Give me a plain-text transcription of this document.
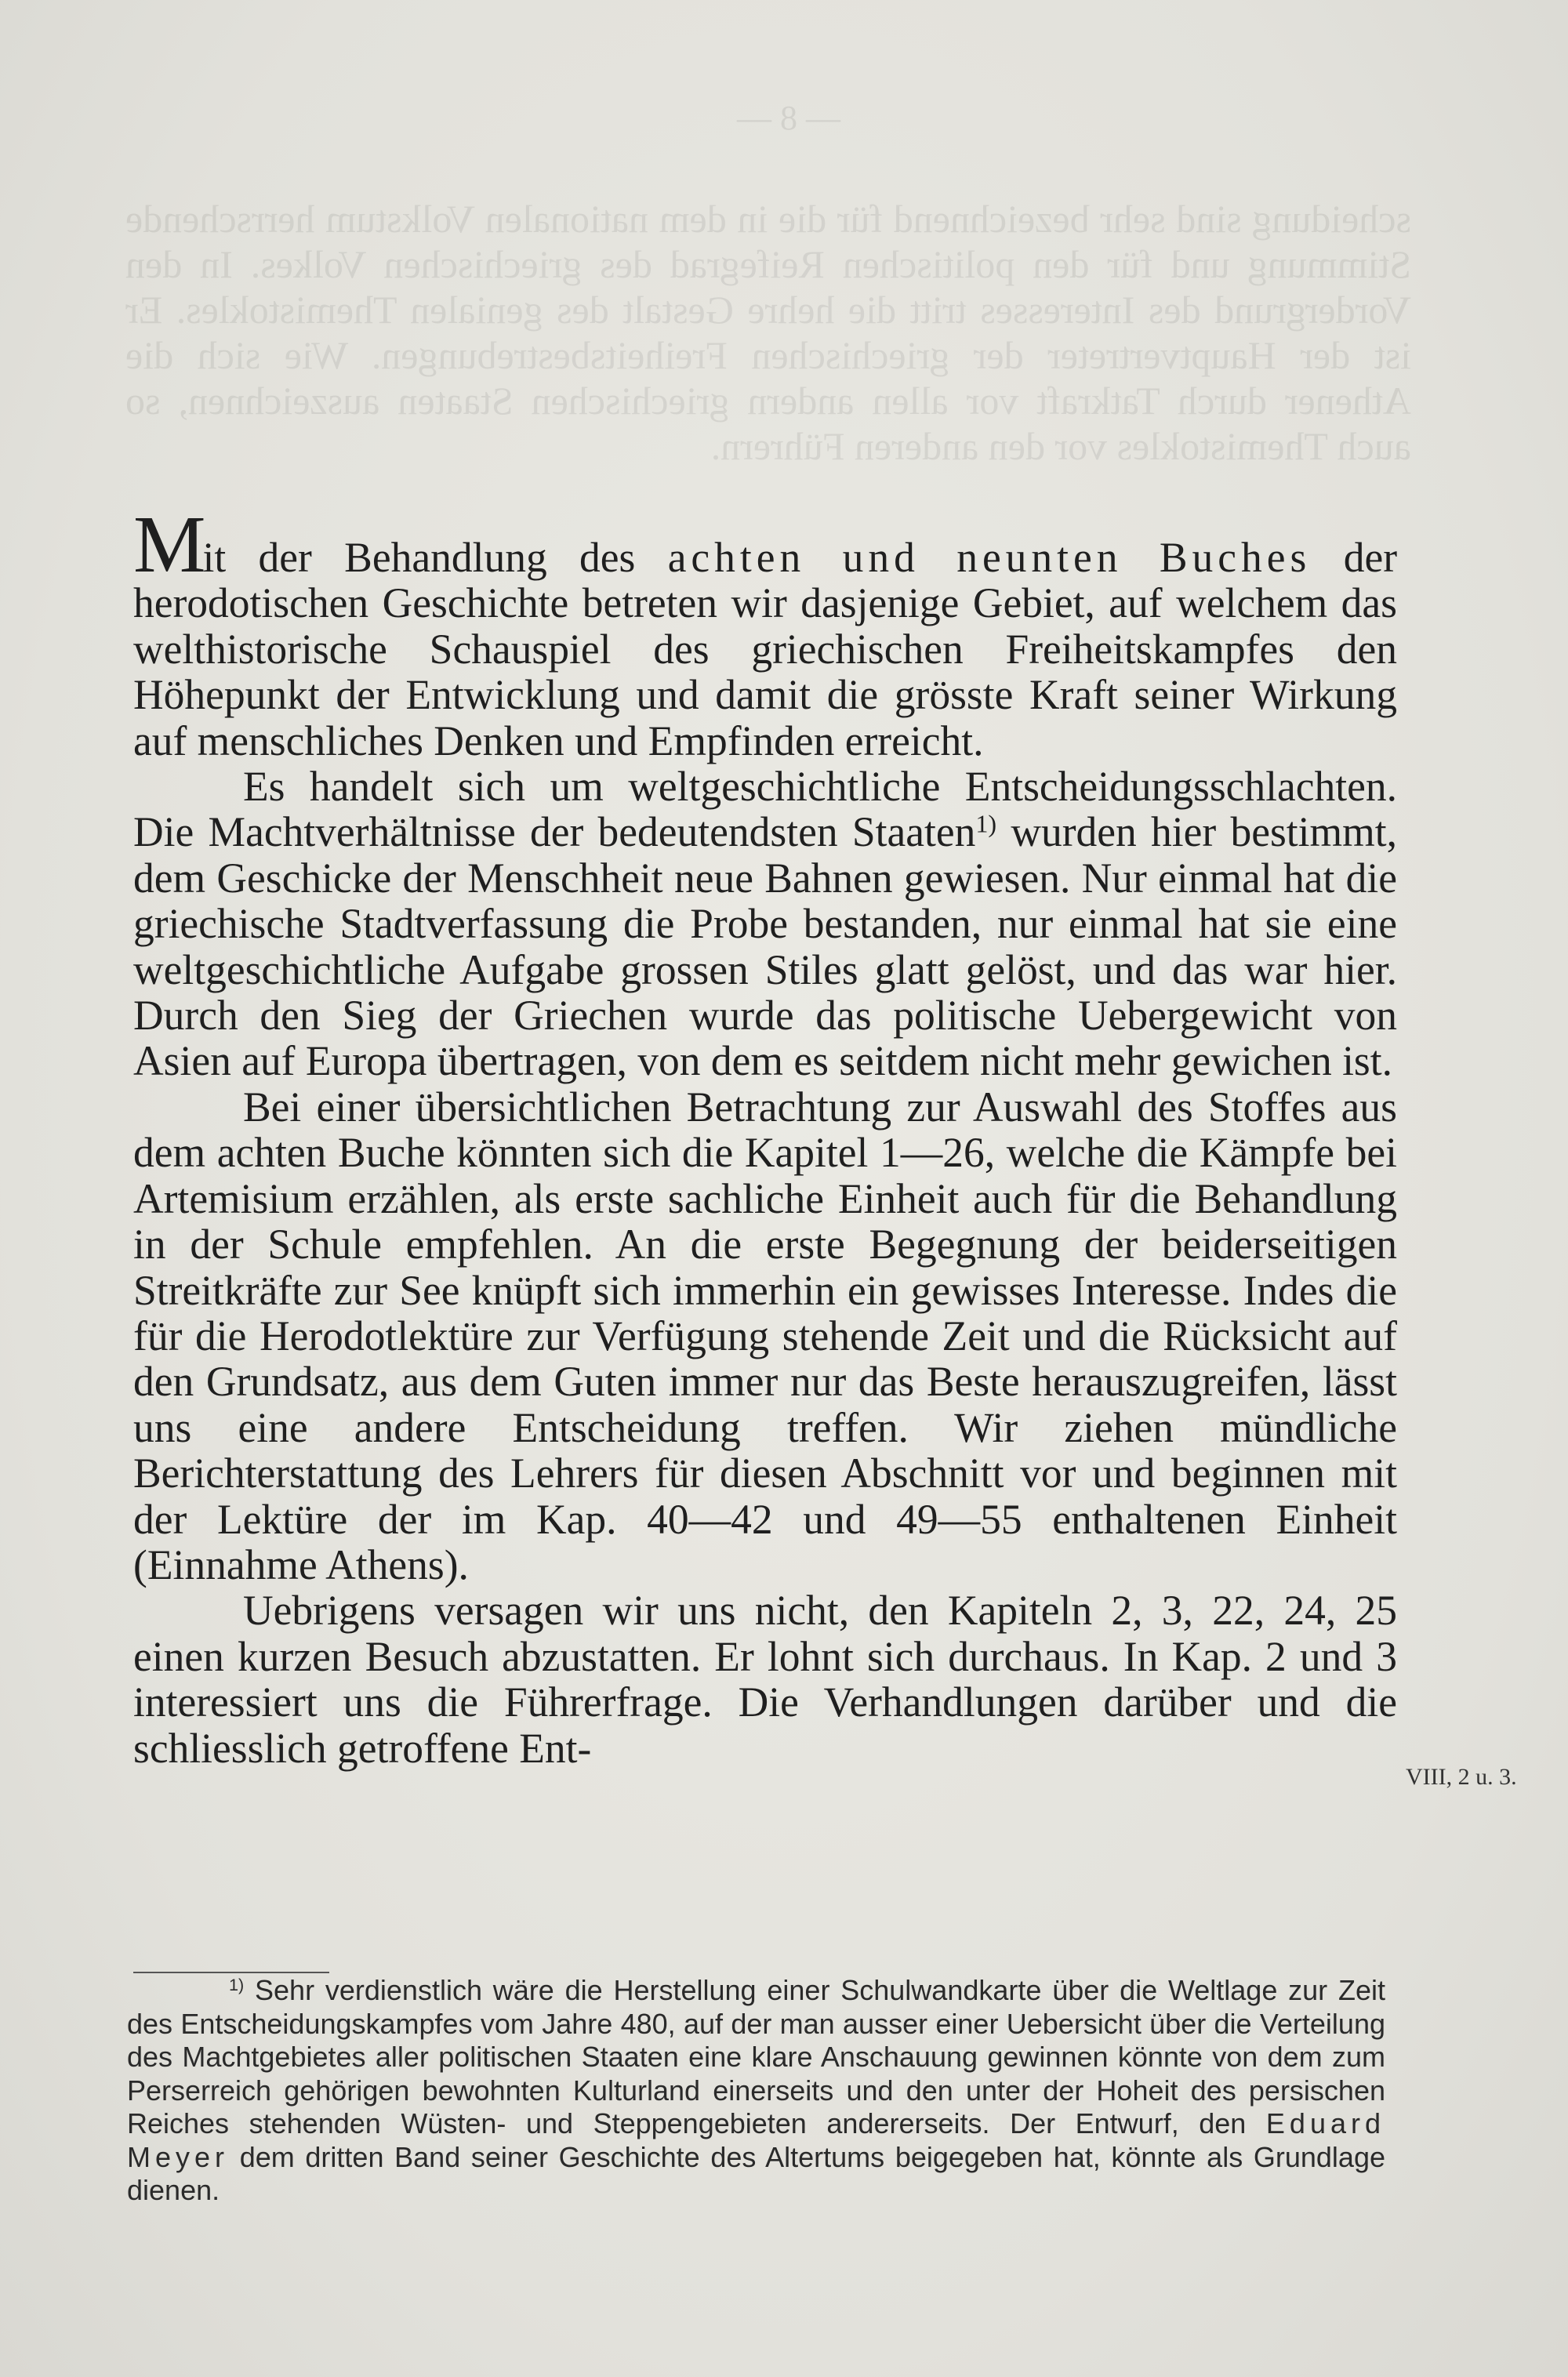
— 8 —
scheidung sind sehr bezeichnend für die in dem nationalen Volkstum herrschende Stimmung und für den politischen Reifegrad des griechischen Volkes. In den Vordergrund des Interesses tritt die hehre Gestalt des genialen Themistokles. Er ist der Hauptvertreter der griechischen Freiheitsbestrebungen. Wie sich die Athener durch Tatkraft vor allen andern griechischen Staaten auszeichnen, so auch Themistokles vor den anderen Führern.

Mit der Behandlung des achten und neunten Buches der herodotischen Geschichte betreten wir dasjenige Gebiet, auf welchem das welthistorische Schauspiel des griechischen Freiheitskampfes den Höhepunkt der Entwicklung und damit die grösste Kraft seiner Wirkung auf menschliches Denken und Empfinden erreicht.

Es handelt sich um weltgeschichtliche Entscheidungsschlachten. Die Machtverhältnisse der bedeutendsten Staaten$^{1)}$ wurden hier bestimmt, dem Geschicke der Menschheit neue Bahnen gewiesen. Nur einmal hat die griechische Stadtverfassung die Probe bestanden, nur einmal hat sie eine weltgeschichtliche Aufgabe grossen Stiles glatt gelöst, und das war hier. Durch den Sieg der Griechen wurde das politische Uebergewicht von Asien auf Europa übertragen, von dem es seitdem nicht mehr gewichen ist.

Bei einer übersichtlichen Betrachtung zur Auswahl des Stoffes aus dem achten Buche könnten sich die Kapitel 1—26, welche die Kämpfe bei Artemisium erzählen, als erste sachliche Einheit auch für die Behandlung in der Schule empfehlen. An die erste Begegnung der beiderseitigen Streitkräfte zur See knüpft sich immerhin ein gewisses Interesse. Indes die für die Herodotlektüre zur Verfügung stehende Zeit und die Rücksicht auf den Grundsatz, aus dem Guten immer nur das Beste herauszugreifen, lässt uns eine andere Entscheidung treffen. Wir ziehen mündliche Berichterstattung des Lehrers für diesen Abschnitt vor und beginnen mit der Lektüre der im Kap. 40—42 und 49—55 enthaltenen Einheit (Einnahme Athens).

Uebrigens versagen wir uns nicht, den Kapiteln 2, 3, 22, 24, 25 einen kurzen Besuch abzustatten. Er lohnt sich durchaus. In Kap. 2 und 3 interessiert uns die Führerfrage. Die Verhandlungen darüber und die schliesslich getroffene Ent-

VIII, 2 u. 3.

$^{1)}$ Sehr verdienstlich wäre die Herstellung einer Schulwandkarte über die Weltlage zur Zeit des Entscheidungskampfes vom Jahre 480, auf der man ausser einer Uebersicht über die Verteilung des Machtgebietes aller politischen Staaten eine klare Anschauung gewinnen könnte von dem zum Perserreich gehörigen bewohnten Kulturland einerseits und den unter der Hoheit des persischen Reiches stehenden Wüsten- und Steppengebieten andererseits. Der Entwurf, den Eduard Meyer dem dritten Band seiner Geschichte des Altertums beigegeben hat, könnte als Grundlage dienen.
